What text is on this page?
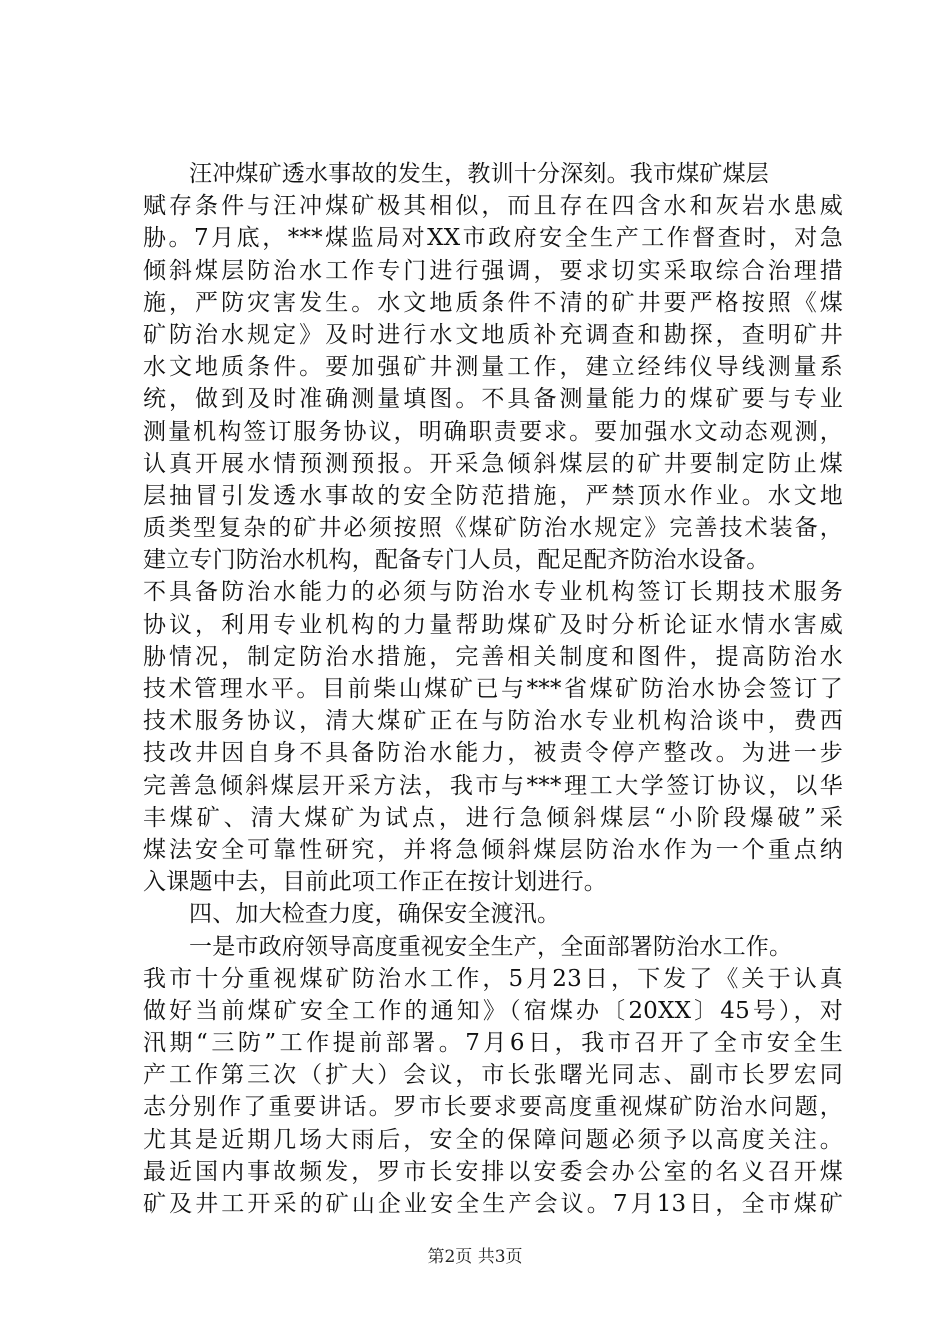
汪冲煤矿透水事故的发生，教训十分深刻。我市煤矿煤层
赋存条件与汪冲煤矿极其相似，而且存在四含水和灰岩水患威
胁。7月底，***煤监局对XX市政府安全生产工作督查时，对急
倾斜煤层防治水工作专门进行强调，要求切实采取综合治理措
施，严防灾害发生。水文地质条件不清的矿井要严格按照《煤
矿防治水规定》及时进行水文地质补充调查和勘探，查明矿井
水文地质条件。要加强矿井测量工作，建立经纬仪导线测量系
统，做到及时准确测量填图。不具备测量能力的煤矿要与专业
测量机构签订服务协议，明确职责要求。要加强水文动态观测，
认真开展水情预测预报。开采急倾斜煤层的矿井要制定防止煤
层抽冒引发透水事故的安全防范措施，严禁顶水作业。水文地
质类型复杂的矿井必须按照《煤矿防治水规定》完善技术装备，
建立专门防治水机构，配备专门人员，配足配齐防治水设备。
不具备防治水能力的必须与防治水专业机构签订长期技术服务
协议，利用专业机构的力量帮助煤矿及时分析论证水情水害威
胁情况，制定防治水措施，完善相关制度和图件，提高防治水
技术管理水平。目前柴山煤矿已与***省煤矿防治水协会签订了
技术服务协议，清大煤矿正在与防治水专业机构洽谈中，费西
技改井因自身不具备防治水能力，被责令停产整改。为进一步
完善急倾斜煤层开采方法，我市与***理工大学签订协议，以华
丰煤矿、清大煤矿为试点，进行急倾斜煤层“小阶段爆破”采
煤法安全可靠性研究，并将急倾斜煤层防治水作为一个重点纳
入课题中去，目前此项工作正在按计划进行。
四、加大检查力度，确保安全渡汛。
一是市政府领导高度重视安全生产，全面部署防治水工作。
我市十分重视煤矿防治水工作，5月23日，下发了《关于认真
做好当前煤矿安全工作的通知》（宿煤办〔20XX〕45号），对
汛期“三防”工作提前部署。7月6日，我市召开了全市安全生
产工作第三次（扩大）会议，市长张曙光同志、副市长罗宏同
志分别作了重要讲话。罗市长要求要高度重视煤矿防治水问题，
尤其是近期几场大雨后，安全的保障问题必须予以高度关注。
最近国内事故频发，罗市长安排以安委会办公室的名义召开煤
矿及井工开采的矿山企业安全生产会议。7月13日，全市煤矿
第2页 共3页
